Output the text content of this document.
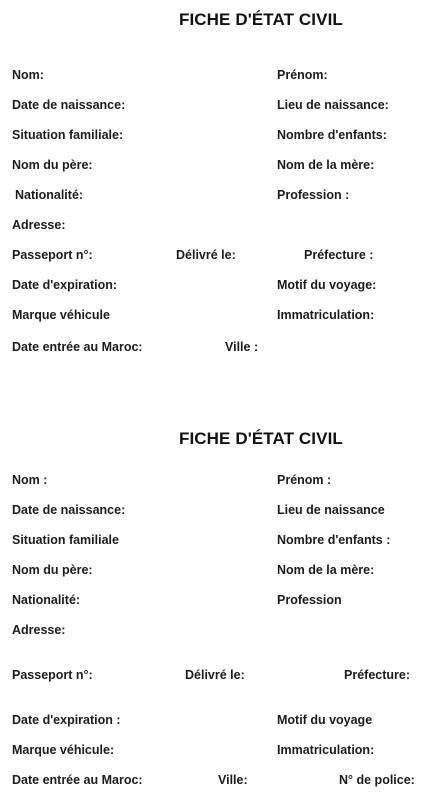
FICHE D'ÉTAT CIVIL
Nom:	Prénom:
Date de naissance:	Lieu de naissance:
Situation familiale:	Nombre d'enfants:
Nom du père:	Nom de la mère:
Nationalité:	Profession :
Adresse:
Passeport n°:	Délivré le:	Préfecture :
Date d'expiration:	Motif du voyage:
Marque véhicule	Immatriculation:
Date entrée au Maroc:	Ville :
FICHE D'ÉTAT CIVIL
Nom :	Prénom :
Date de naissance:	Lieu de naissance
Situation familiale	Nombre d'enfants :
Nom du père:	Nom de la mère:
Nationalité:	Profession
Adresse:
Passeport n°:	Délivré le:	Préfecture:
Date d'expiration :	Motif du voyage
Marque véhicule:	Immatriculation:
Date entrée au Maroc:	Ville:	N° de police:
